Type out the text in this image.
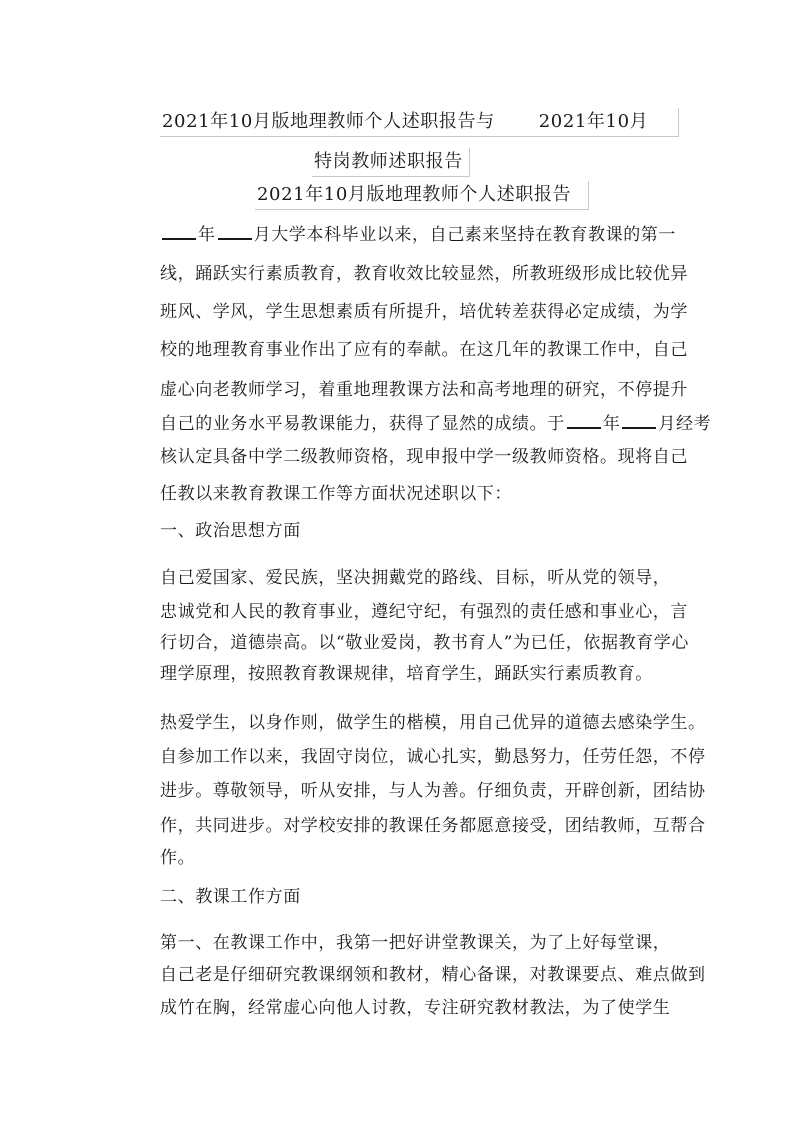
2021年10月版地理教师个人述职报告与 2021年10月
特岗教师述职报告
2021年10月版地理教师个人述职报告

年 月大学本科毕业以来，自己素来坚持在教育教课的第一

线，踊跃实行素质教育，教育收效比较显然，所教班级形成比较优异

班风、学风，学生思想素质有所提升，培优转差获得必定成绩，为学

校的地理教育事业作出了应有的奉献。在这几年的教课工作中，自己

虚心向老教师学习，着重地理教课方法和高考地理的研究，不停提升

自己的业务水平易教课能力，获得了显然的成绩。于 年 月经考

核认定具备中学二级教师资格，现申报中学一级教师资格。现将自己

任教以来教育教课工作等方面状况述职以下：

一、政治思想方面

自己爱国家、爱民族，坚决拥戴党的路线、目标，听从党的领导，

忠诚党和人民的教育事业，遵纪守纪，有强烈的责任感和事业心，言

行切合，道德崇高。以“敬业爱岗，教书育人”为已任，依据教育学心

理学原理，按照教育教课规律，培育学生，踊跃实行素质教育。

热爱学生，以身作则，做学生的楷模，用自己优异的道德去感染学生。

自参加工作以来，我固守岗位，诚心扎实，勤恳努力，任劳任怨，不停

进步。尊敬领导，听从安排，与人为善。仔细负责，开辟创新，团结协

作，共同进步。对学校安排的教课任务都愿意接受，团结教师，互帮合

作。

二、教课工作方面

第一、在教课工作中，我第一把好讲堂教课关，为了上好每堂课，

自己老是仔细研究教课纲领和教材，精心备课，对教课要点、难点做到

成竹在胸，经常虚心向他人讨教，专注研究教材教法，为了使学生
